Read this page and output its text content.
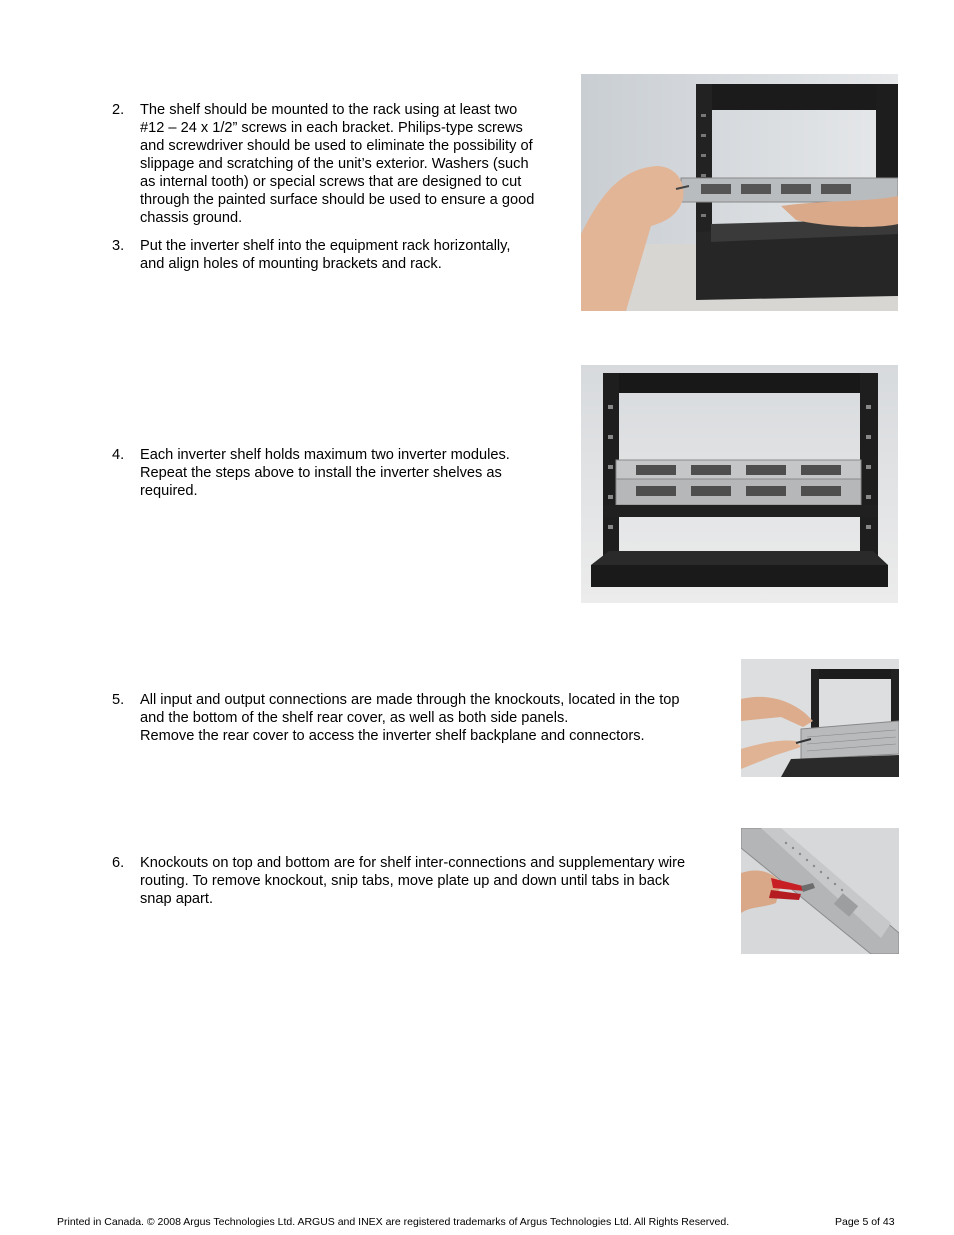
2.	The shelf should be mounted to the rack using at least two
#12 – 24 x 1/2” screws in each bracket. Philips-type screws
and screwdriver should be used to eliminate the possibility of
slippage and scratching of the unit’s exterior. Washers (such
as internal tooth) or special screws that are designed to cut
through the painted surface should be used to ensure a good
chassis ground.
3.	Put the inverter shelf into the equipment rack horizontally,
and align holes of mounting brackets and rack.
4.	Each inverter shelf holds maximum two inverter modules.
Repeat the steps above to install the inverter shelves as
required.
5.	All input and output connections are made through the knockouts, located in the top
and the bottom of the shelf rear cover, as well as both side panels.
Remove the rear cover to access the inverter shelf backplane and connectors.
6.	Knockouts on top and bottom are for shelf inter-connections and supplementary wire
routing. To remove knockout, snip tabs, move plate up and down until tabs in back
snap apart.
Printed in Canada. © 2008 Argus Technologies Ltd. ARGUS and INEX are registered trademarks of Argus Technologies Ltd. All Rights Reserved.	Page 5 of 43
